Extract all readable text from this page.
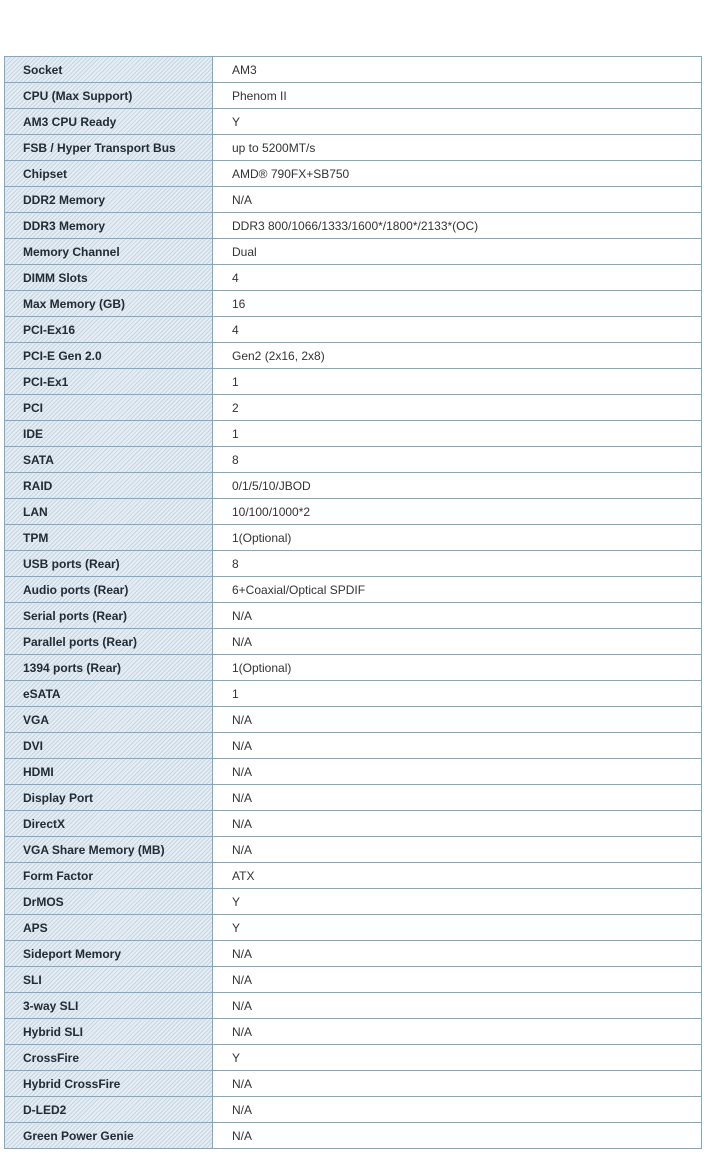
Socket	AM3
CPU (Max Support)	Phenom II
AM3 CPU Ready	Y
FSB / Hyper Transport Bus	up to 5200MT/s
Chipset	AMD® 790FX+SB750
DDR2 Memory	N/A
DDR3 Memory	DDR3 800/1066/1333/1600*/1800*/2133*(OC)
Memory Channel	Dual
DIMM Slots	4
Max Memory (GB)	16
PCI-Ex16	4
PCI-E Gen 2.0	Gen2 (2x16, 2x8)
PCI-Ex1	1
PCI	2
IDE	1
SATA	8
RAID	0/1/5/10/JBOD
LAN	10/100/1000*2
TPM	1(Optional)
USB ports (Rear)	8
Audio ports (Rear)	6+Coaxial/Optical SPDIF
Serial ports (Rear)	N/A
Parallel ports (Rear)	N/A
1394 ports (Rear)	1(Optional)
eSATA	1
VGA	N/A
DVI	N/A
HDMI	N/A
Display Port	N/A
DirectX	N/A
VGA Share Memory (MB)	N/A
Form Factor	ATX
DrMOS	Y
APS	Y
Sideport Memory	N/A
SLI	N/A
3-way SLI	N/A
Hybrid SLI	N/A
CrossFire	Y
Hybrid CrossFire	N/A
D-LED2	N/A
Green Power Genie	N/A
